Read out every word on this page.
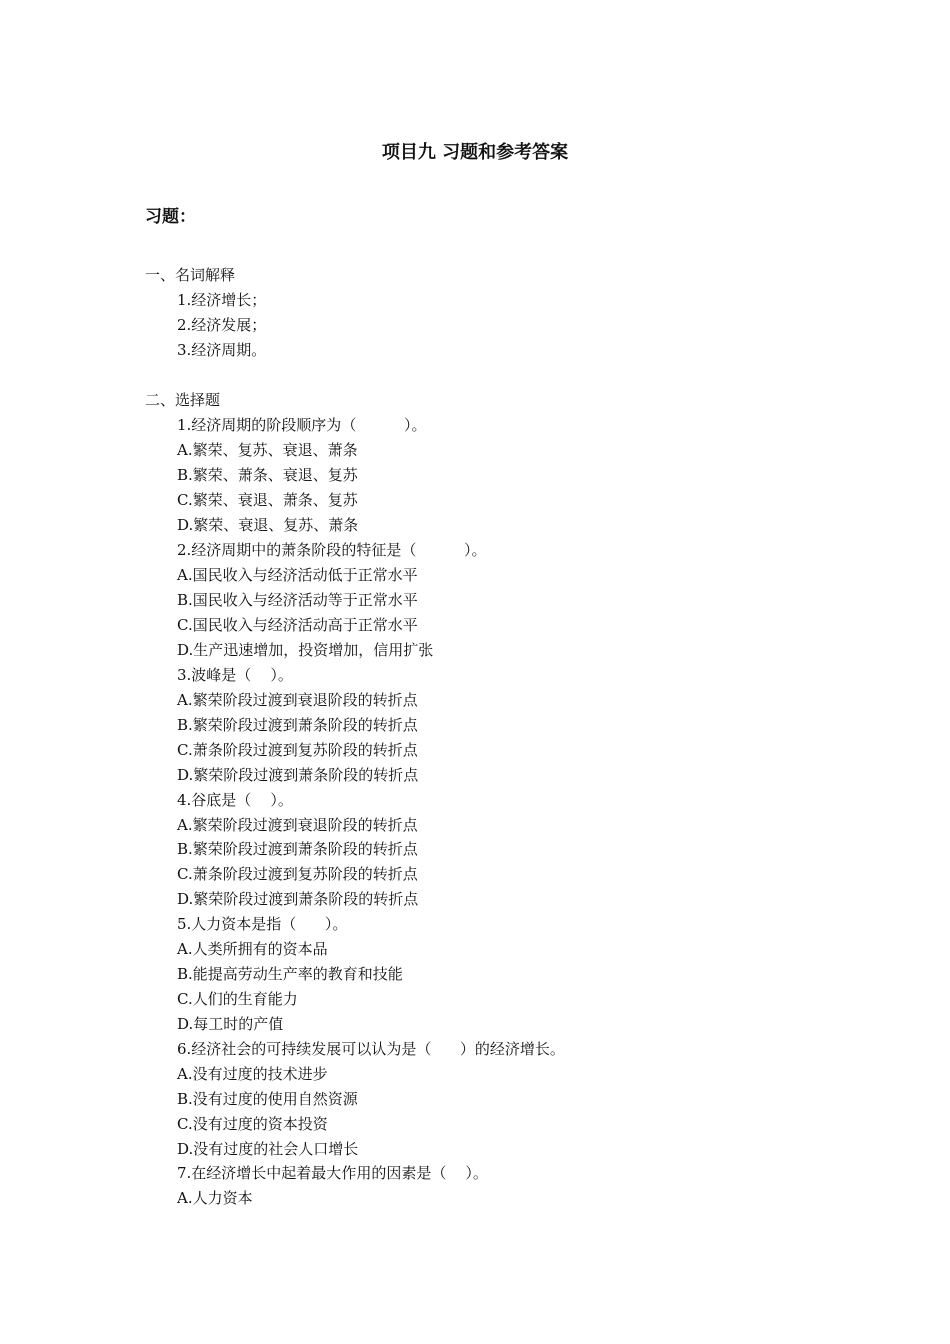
项目九 习题和参考答案
习题：
一、名词解释
1.经济增长；
2.经济发展；
3.经济周期。
二、选择题
1.经济周期的阶段顺序为（          ）。
A.繁荣、复苏、衰退、萧条
B.繁荣、萧条、衰退、复苏
C.繁荣、衰退、萧条、复苏
D.繁荣、衰退、复苏、萧条
2.经济周期中的萧条阶段的特征是（          ）。
A.国民收入与经济活动低于正常水平
B.国民收入与经济活动等于正常水平
C.国民收入与经济活动高于正常水平
D.生产迅速增加，投资增加，信用扩张
3.波峰是（    ）。
A.繁荣阶段过渡到衰退阶段的转折点
B.繁荣阶段过渡到萧条阶段的转折点
C.萧条阶段过渡到复苏阶段的转折点
D.繁荣阶段过渡到萧条阶段的转折点
4.谷底是（    ）。
A.繁荣阶段过渡到衰退阶段的转折点
B.繁荣阶段过渡到萧条阶段的转折点
C.萧条阶段过渡到复苏阶段的转折点
D.繁荣阶段过渡到萧条阶段的转折点
5.人力资本是指（      ）。
A.人类所拥有的资本品
B.能提高劳动生产率的教育和技能
C.人们的生育能力
D.每工时的产值
6.经济社会的可持续发展可以认为是（      ）的经济增长。
A.没有过度的技术进步
B.没有过度的使用自然资源
C.没有过度的资本投资
D.没有过度的社会人口增长
7.在经济增长中起着最大作用的因素是（    ）。
A.人力资本
